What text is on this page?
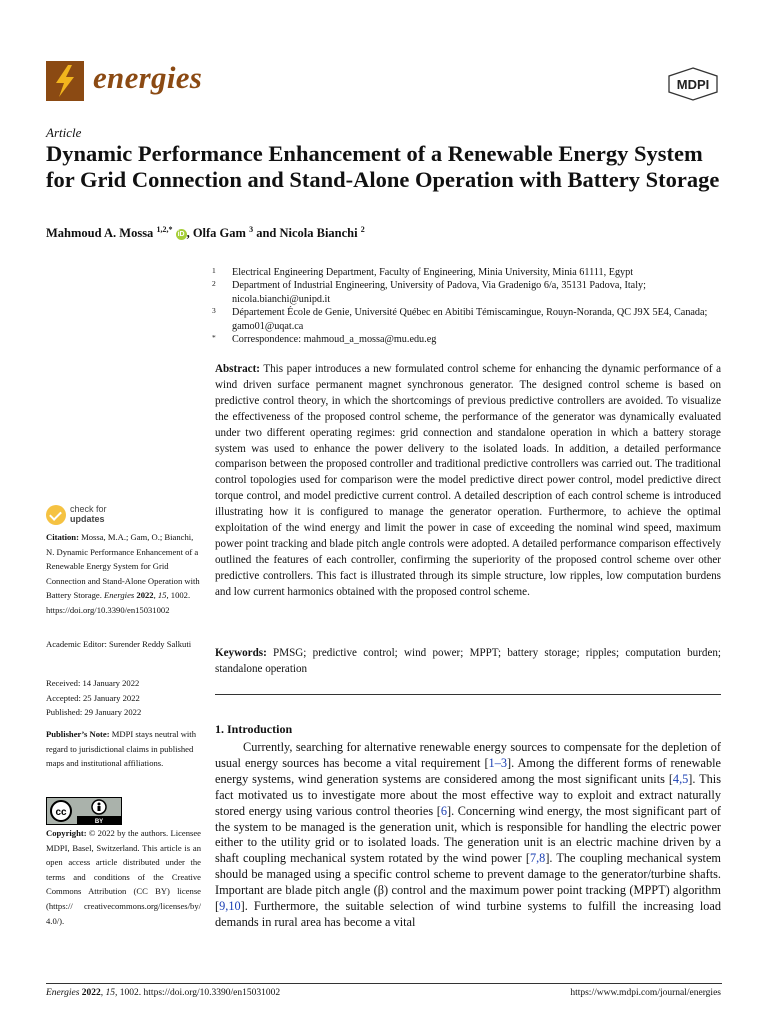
energies	MDPI
Article
Dynamic Performance Enhancement of a Renewable Energy System for Grid Connection and Stand-Alone Operation with Battery Storage
Mahmoud A. Mossa $^{1,2,*}$ iD , Olfa Gam $^3$ and Nicola Bianchi $^2$
1 Electrical Engineering Department, Faculty of Engineering, Minia University, Minia 61111, Egypt
2 Department of Industrial Engineering, University of Padova, Via Gradenigo 6/a, 35131 Padova, Italy; nicola.bianchi@unipd.it
3 Département École de Genie, Université Québec en Abitibi Témiscamingue, Rouyn-Noranda, QC J9X 5E4, Canada; gamo01@uqat.ca
* Correspondence: mahmoud_a_mossa@mu.edu.eg
Abstract: This paper introduces a new formulated control scheme for enhancing the dynamic performance of a wind driven surface permanent magnet synchronous generator. The designed control scheme is based on predictive control theory, in which the shortcomings of previous predictive controllers are avoided. To visualize the effectiveness of the proposed control scheme, the performance of the generator was dynamically evaluated under two different operating regimes: grid connection and standalone operation in which a battery storage system was used to enhance the power delivery to the isolated loads. In addition, a detailed performance comparison between the proposed controller and traditional predictive controllers was carried out. The traditional control topologies used for comparison were the model predictive direct power control, model predictive direct torque control, and model predictive current control. A detailed description of each control scheme is introduced illustrating how it is configured to manage the generator operation. Furthermore, to achieve the optimal exploitation of the wind energy and limit the power in case of exceeding the nominal wind speed, maximum power point tracking and blade pitch angle controls were adopted. A detailed performance comparison effectively outlined the features of each controller, confirming the superiority of the proposed control scheme over other predictive controllers. This fact is illustrated through its simple structure, low ripples, low computation burdens and low current harmonics obtained with the proposed control scheme.
Keywords: PMSG; predictive control; wind power; MPPT; battery storage; ripples; computation burden; standalone operation
check for
updates
Citation: Mossa, M.A.; Gam, O.; Bianchi, N. Dynamic Performance Enhancement of a Renewable Energy System for Grid Connection and Stand-Alone Operation with Battery Storage. Energies 2022, 15, 1002. https://doi.org/10.3390/en15031002
Academic Editor: Surender Reddy Salkuti
Received: 14 January 2022
Accepted: 25 January 2022
Published: 29 January 2022
Publisher’s Note: MDPI stays neutral with regard to jurisdictional claims in published maps and institutional affiliations.
cc
BY
Copyright: © 2022 by the authors. Licensee MDPI, Basel, Switzerland. This article is an open access article distributed under the terms and conditions of the Creative Commons Attribution (CC BY) license (https:// creativecommons.org/licenses/by/ 4.0/).
1. Introduction
Currently, searching for alternative renewable energy sources to compensate for the depletion of usual energy sources has become a vital requirement [1–3]. Among the different forms of renewable energy systems, wind generation systems are considered among the most significant units [4,5]. This fact motivated us to investigate more about the most effective way to exploit and extract naturally stored energy using various control theories [6]. Concerning wind energy, the most significant part of the system to be managed is the generation unit, which is responsible for handling the electric power either to the utility grid or to isolated loads. The generation unit is an electric machine driven by a shaft coupling mechanical system rotated by the wind power [7,8]. The coupling mechanical system should be managed using a specific control scheme to prevent damage to the generator/turbine shafts. Important are blade pitch angle (β) control and the maximum power point tracking (MPPT) algorithm [9,10]. Furthermore, the suitable selection of wind turbine systems to fulfill the increasing load demands in rural area has become a vital
Energies 2022, 15, 1002. https://doi.org/10.3390/en15031002	https://www.mdpi.com/journal/energies
